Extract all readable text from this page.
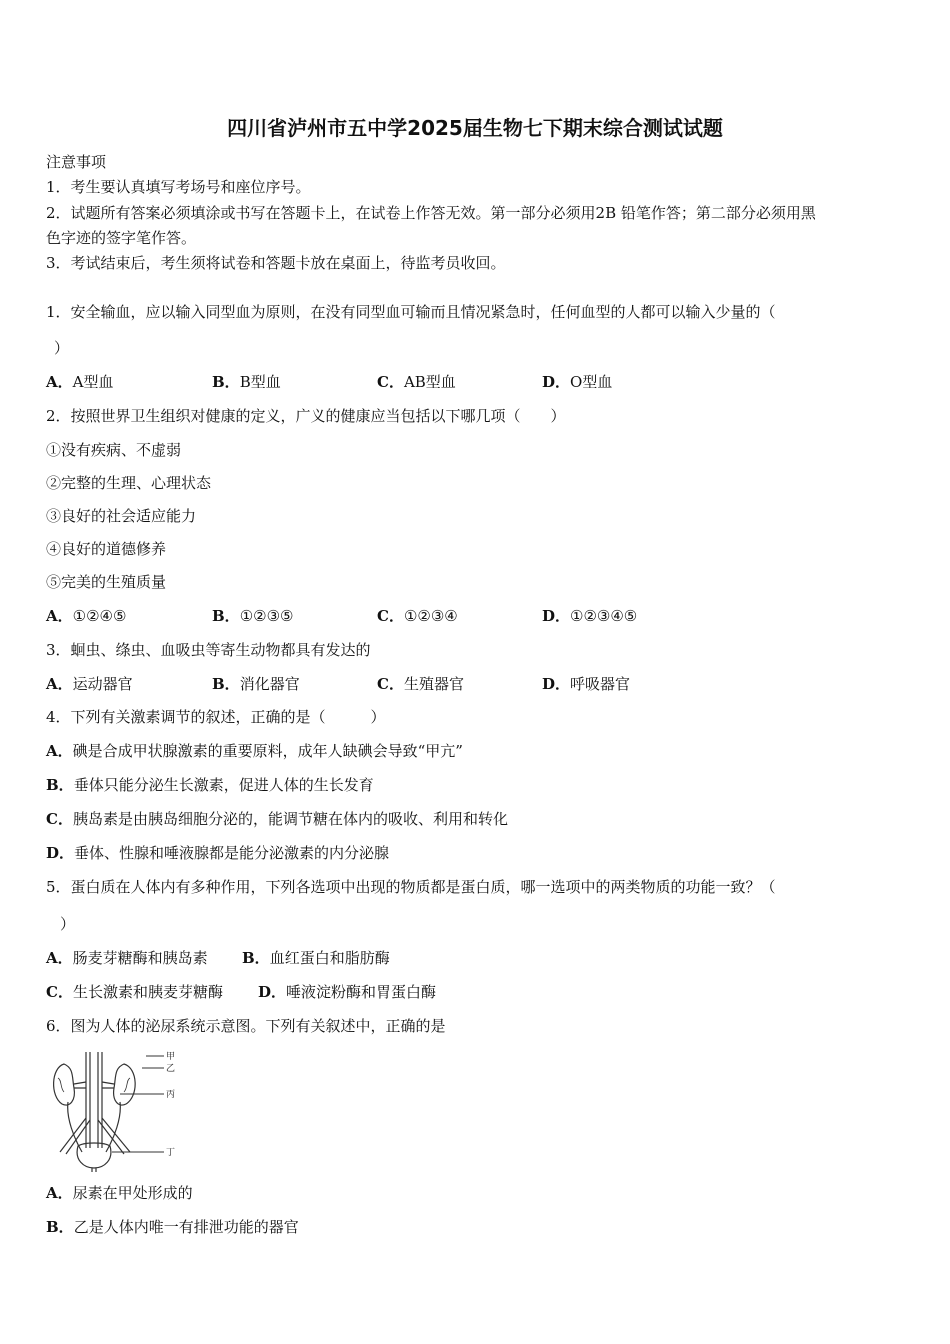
四川省泸州市五中学2025届生物七下期末综合测试试题
注意事项
1．考生要认真填写考场号和座位序号。
2．试题所有答案必须填涂或书写在答题卡上，在试卷上作答无效。第一部分必须用2B 铅笔作答；第二部分必须用黑
色字迹的签字笔作答。
3．考试结束后，考生须将试卷和答题卡放在桌面上，待监考员收回。
1．安全输血，应以输入同型血为原则，在没有同型血可输而且情况紧急时，任何血型的人都可以输入少量的（
）
A．A型血	B．B型血	C．AB型血	D．O型血
2．按照世界卫生组织对健康的定义，广义的健康应当包括以下哪几项（　　）
①没有疾病、不虚弱
②完整的生理、心理状态
③良好的社会适应能力
④良好的道德修养
⑤完美的生殖质量
A．①②④⑤	B．①②③⑤	C．①②③④	D．①②③④⑤
3．蛔虫、绦虫、血吸虫等寄生动物都具有发达的
A．运动器官	B．消化器官	C．生殖器官	D．呼吸器官
4．下列有关激素调节的叙述，正确的是（　　　）
A．碘是合成甲状腺激素的重要原料，成年人缺碘会导致“甲亢”
B．垂体只能分泌生长激素，促进人体的生长发育
C．胰岛素是由胰岛细胞分泌的，能调节糖在体内的吸收、利用和转化
D．垂体、性腺和唾液腺都是能分泌激素的内分泌腺
5．蛋白质在人体内有多种作用，下列各选项中出现的物质都是蛋白质，哪一选项中的两类物质的功能一致？（
）
A．肠麦芽糖酶和胰岛素 B．血红蛋白和脂肪酶
C．生长激素和胰麦芽糖酶 D．唾液淀粉酶和胃蛋白酶
6．图为人体的泌尿系统示意图。下列有关叙述中，正确的是
甲
乙
丙
丁
A．尿素在甲处形成的
B．乙是人体内唯一有排泄功能的器官
